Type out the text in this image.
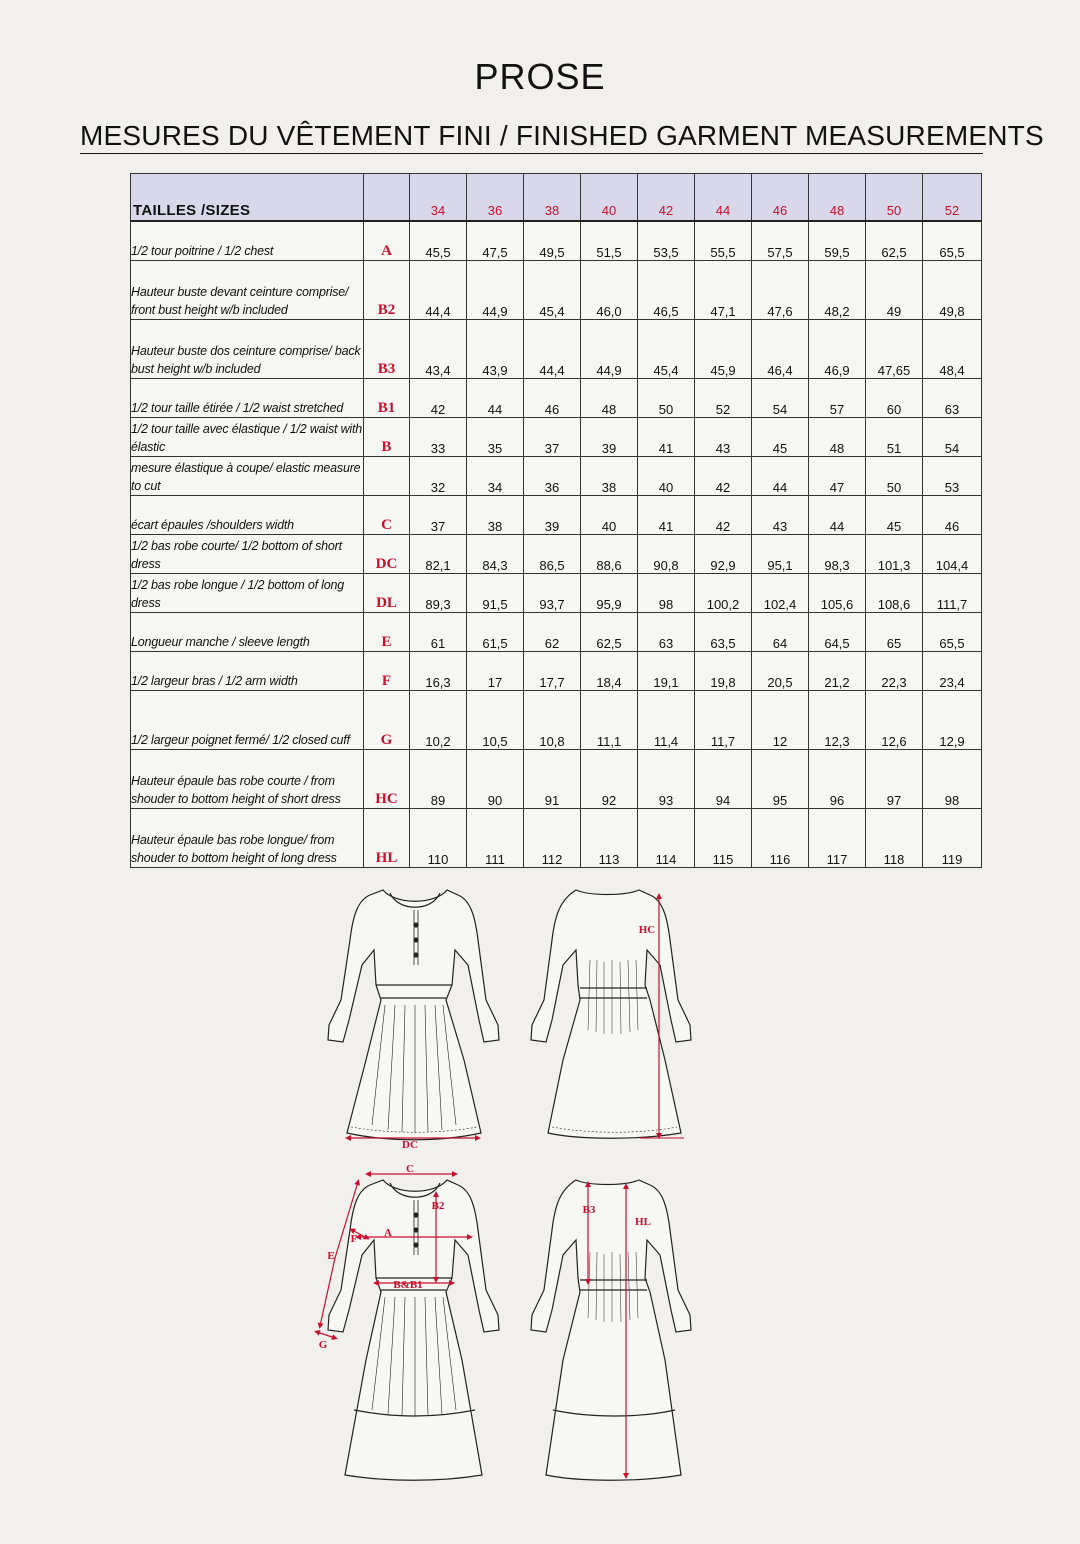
PROSE
MESURES DU VÊTEMENT FINI / FINISHED GARMENT MEASUREMENTS
TAILLES /SIZES		34	36	38	40	42	44	46	48	50	52
1/2 tour poitrine / 1/2 chest	A	45,5	47,5	49,5	51,5	53,5	55,5	57,5	59,5	62,5	65,5
Hauteur buste devant ceinture comprise/ front bust height w/b included	B2	44,4	44,9	45,4	46,0	46,5	47,1	47,6	48,2	49	49,8
Hauteur buste dos ceinture comprise/ back bust height w/b included	B3	43,4	43,9	44,4	44,9	45,4	45,9	46,4	46,9	47,65	48,4
1/2 tour taille étirée / 1/2 waist stretched	B1	42	44	46	48	50	52	54	57	60	63
1/2 tour taille avec élastique / 1/2 waist with élastic	B	33	35	37	39	41	43	45	48	51	54
mesure élastique à coupe/ elastic measure to cut		32	34	36	38	40	42	44	47	50	53
écart épaules /shoulders width	C	37	38	39	40	41	42	43	44	45	46
1/2 bas robe courte/ 1/2 bottom of short dress	DC	82,1	84,3	86,5	88,6	90,8	92,9	95,1	98,3	101,3	104,4
1/2 bas robe longue / 1/2 bottom of long dress	DL	89,3	91,5	93,7	95,9	98	100,2	102,4	105,6	108,6	111,7
Longueur manche / sleeve length	E	61	61,5	62	62,5	63	63,5	64	64,5	65	65,5
1/2 largeur bras / 1/2 arm width	F	16,3	17	17,7	18,4	19,1	19,8	20,5	21,2	22,3	23,4
1/2 largeur poignet fermé/ 1/2 closed cuff	G	10,2	10,5	10,8	11,1	11,4	11,7	12	12,3	12,6	12,9
Hauteur épaule bas robe courte / from shouder to bottom height of short dress	HC	89	90	91	92	93	94	95	96	97	98
Hauteur épaule bas robe longue/ from shouder to bottom height of long dress	HL	110	111	112	113	114	115	116	117	118	119
DC
HC
C
B2
A
F
E
B&B1
G
B3
HL
